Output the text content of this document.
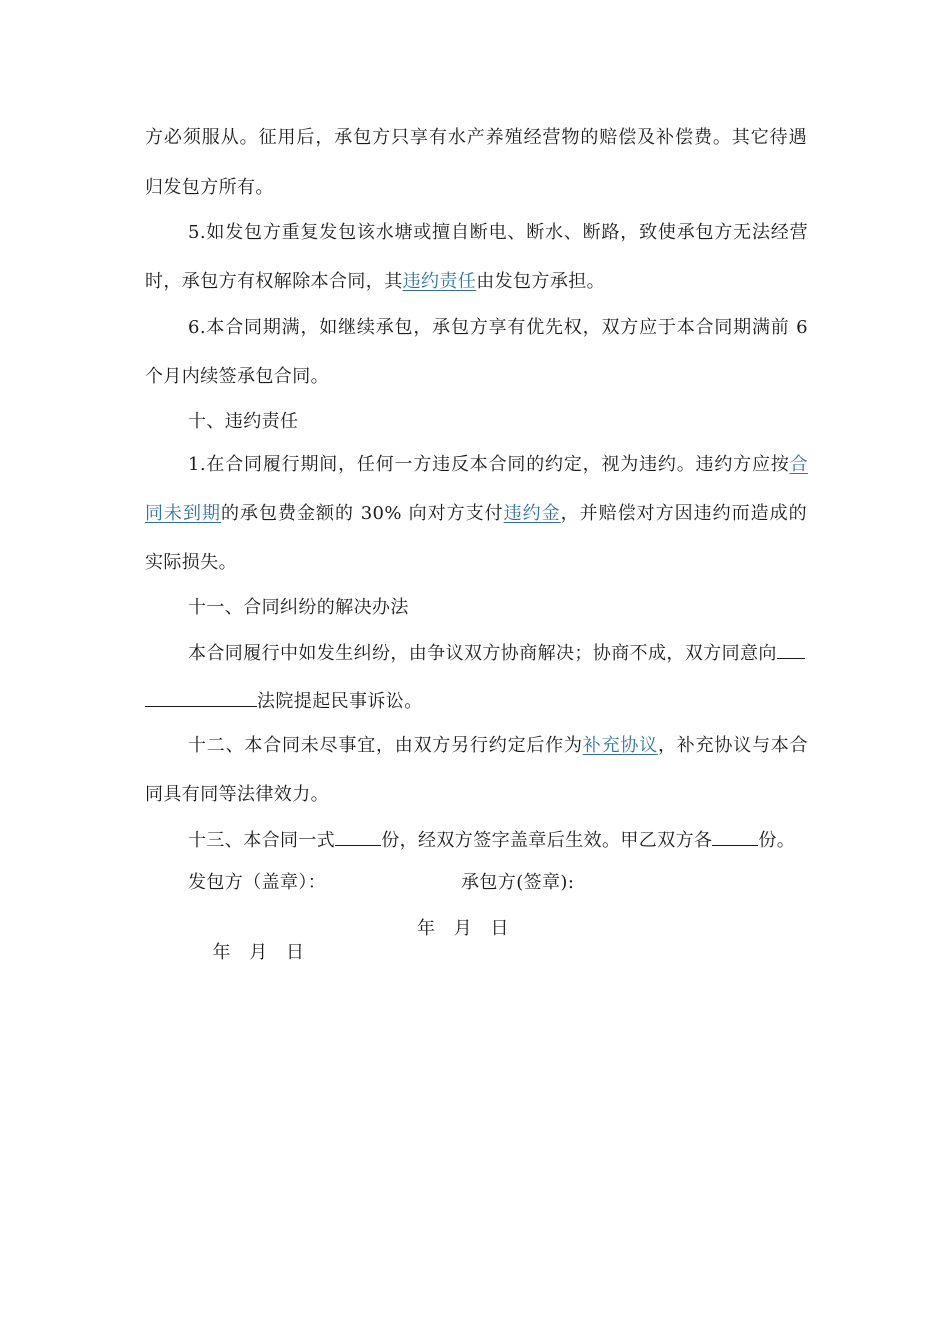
方必须服从。征用后，承包方只享有水产养殖经营物的赔偿及补偿费。其它待遇
归发包方所有。
5.如发包方重复发包该水塘或擅自断电、断水、断路，致使承包方无法经营
时，承包方有权解除本合同，其违约责任由发包方承担。
6.本合同期满，如继续承包，承包方享有优先权，双方应于本合同期满前 6
个月内续签承包合同。
十、违约责任
1.在合同履行期间，任何一方违反本合同的约定，视为违约。违约方应按合
同未到期的承包费金额的 30% 向对方支付违约金，并赔偿对方因违约而造成的
实际损失。
十一、合同纠纷的解决办法
本合同履行中如发生纠纷，由争议双方协商解决；协商不成，双方同意向
法院提起民事诉讼。
十二、本合同未尽事宜，由双方另行约定后作为补充协议，补充协议与本合
同具有同等法律效力。
十三、本合同一式	份，经双方签字盖章后生效。甲乙双方各	份。
发包方（盖章）：	承包方(签章):

年   月   日

年   月   日
